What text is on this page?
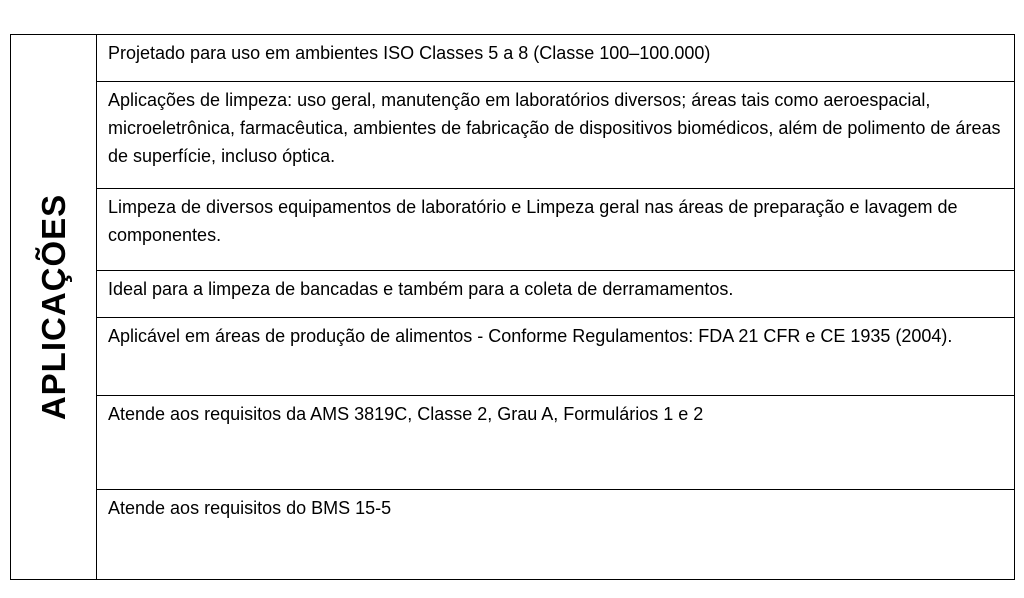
APLICAÇÕES
Projetado para uso em ambientes ISO Classes 5 a 8 (Classe 100–100.000)
Aplicações de limpeza: uso geral, manutenção em laboratórios diversos; áreas tais como aeroespacial, microeletrônica, farmacêutica, ambientes de fabricação de dispositivos biomédicos, além de polimento de áreas de superfície, incluso óptica.
Limpeza de diversos equipamentos de laboratório e Limpeza geral nas áreas de preparação e lavagem de componentes.
Ideal para a limpeza de bancadas e também para a coleta de derramamentos.
Aplicável em áreas de produção de alimentos - Conforme Regulamentos: FDA 21 CFR e CE 1935 (2004).
Atende aos requisitos da AMS 3819C, Classe 2, Grau A, Formulários 1 e 2
Atende aos requisitos do BMS 15-5
